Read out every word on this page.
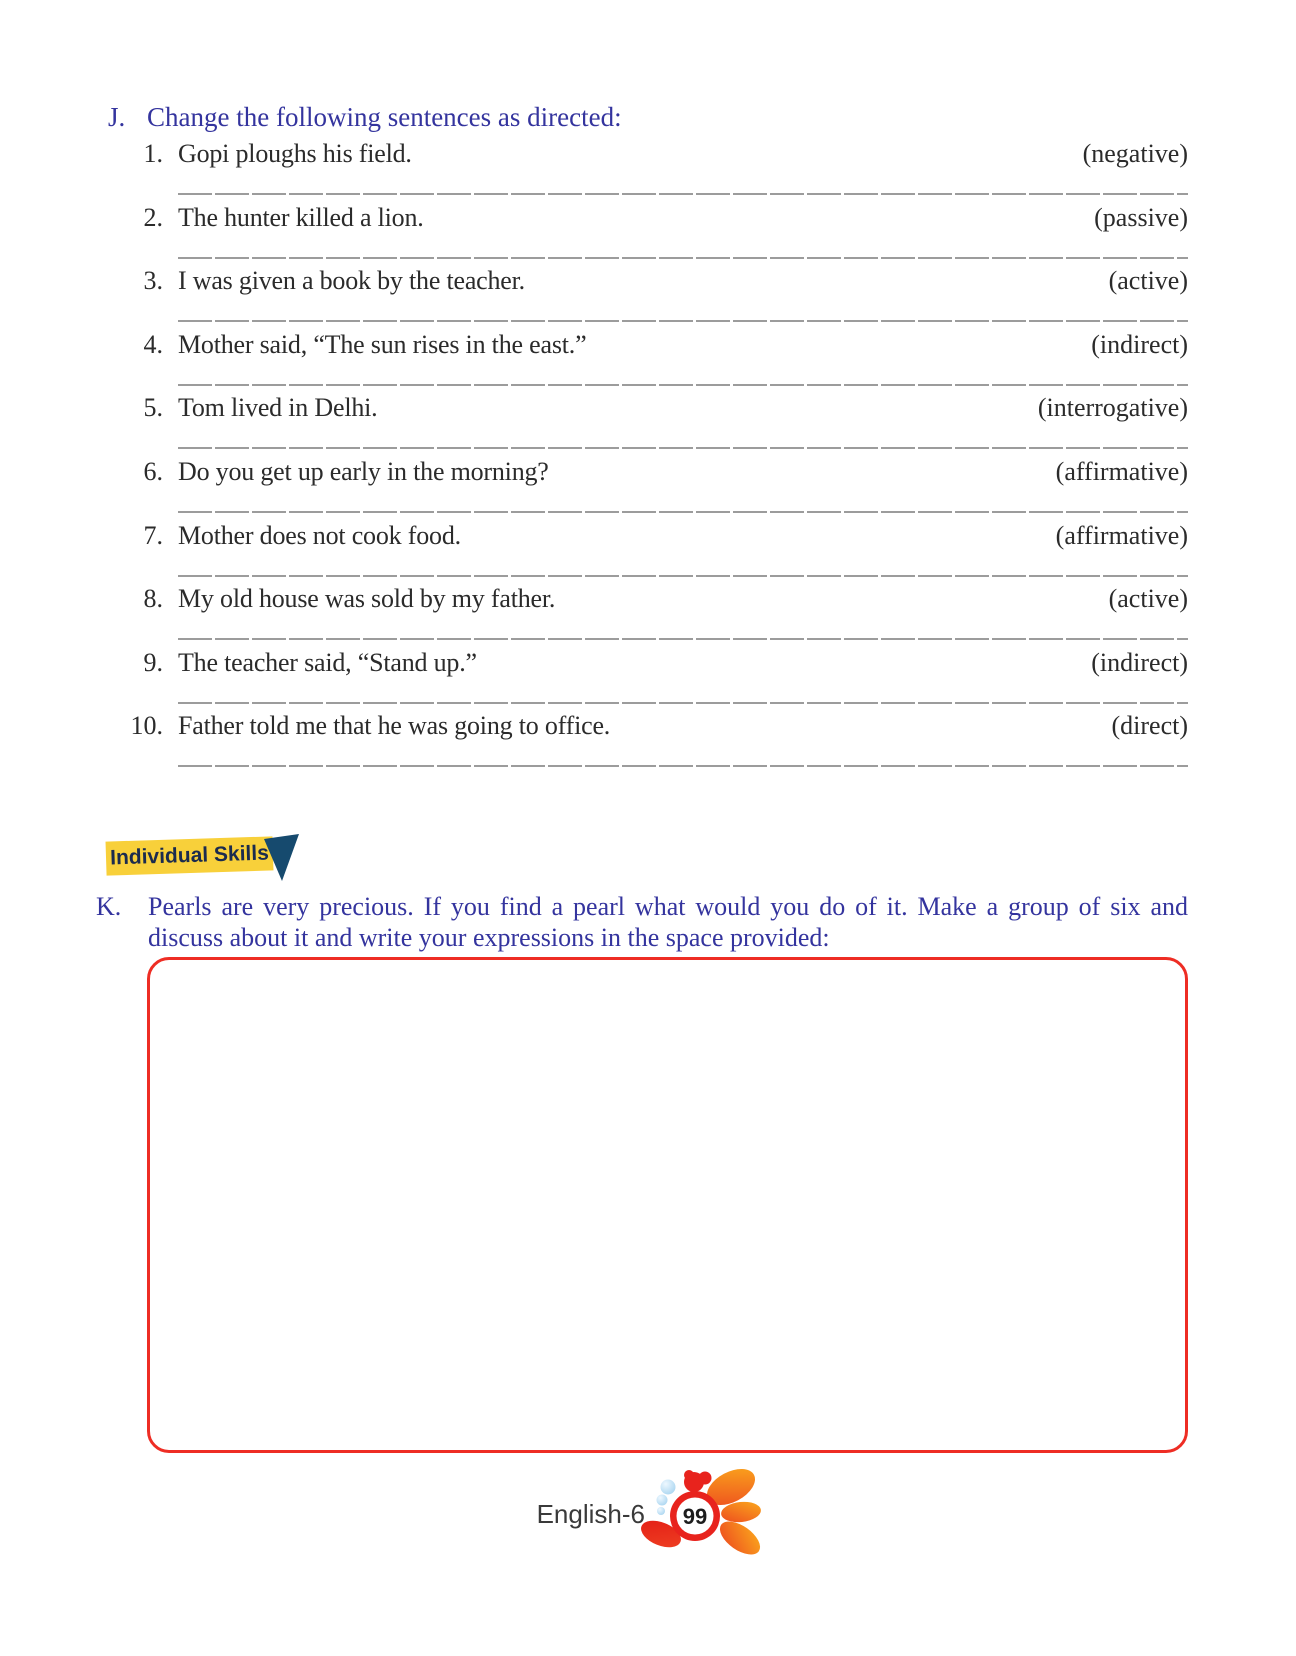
J. Change the following sentences as directed:
1. Gopi ploughs his field.	(negative)
2. The hunter killed a lion.	(passive)
3. I was given a book by the teacher.	(active)
4. Mother said, “The sun rises in the east.”	(indirect)
5. Tom lived in Delhi.	(interrogative)
6. Do you get up early in the morning?	(affirmative)
7. Mother does not cook food.	(affirmative)
8. My old house was sold by my father.	(active)
9. The teacher said, “Stand up.”	(indirect)
10. Father told me that he was going to office.	(direct)
Individual Skills
K.	Pearls are very precious. If you find a pearl what would you do of it. Make a group of six and
discuss about it and write your expressions in the space provided:
English-6	99
